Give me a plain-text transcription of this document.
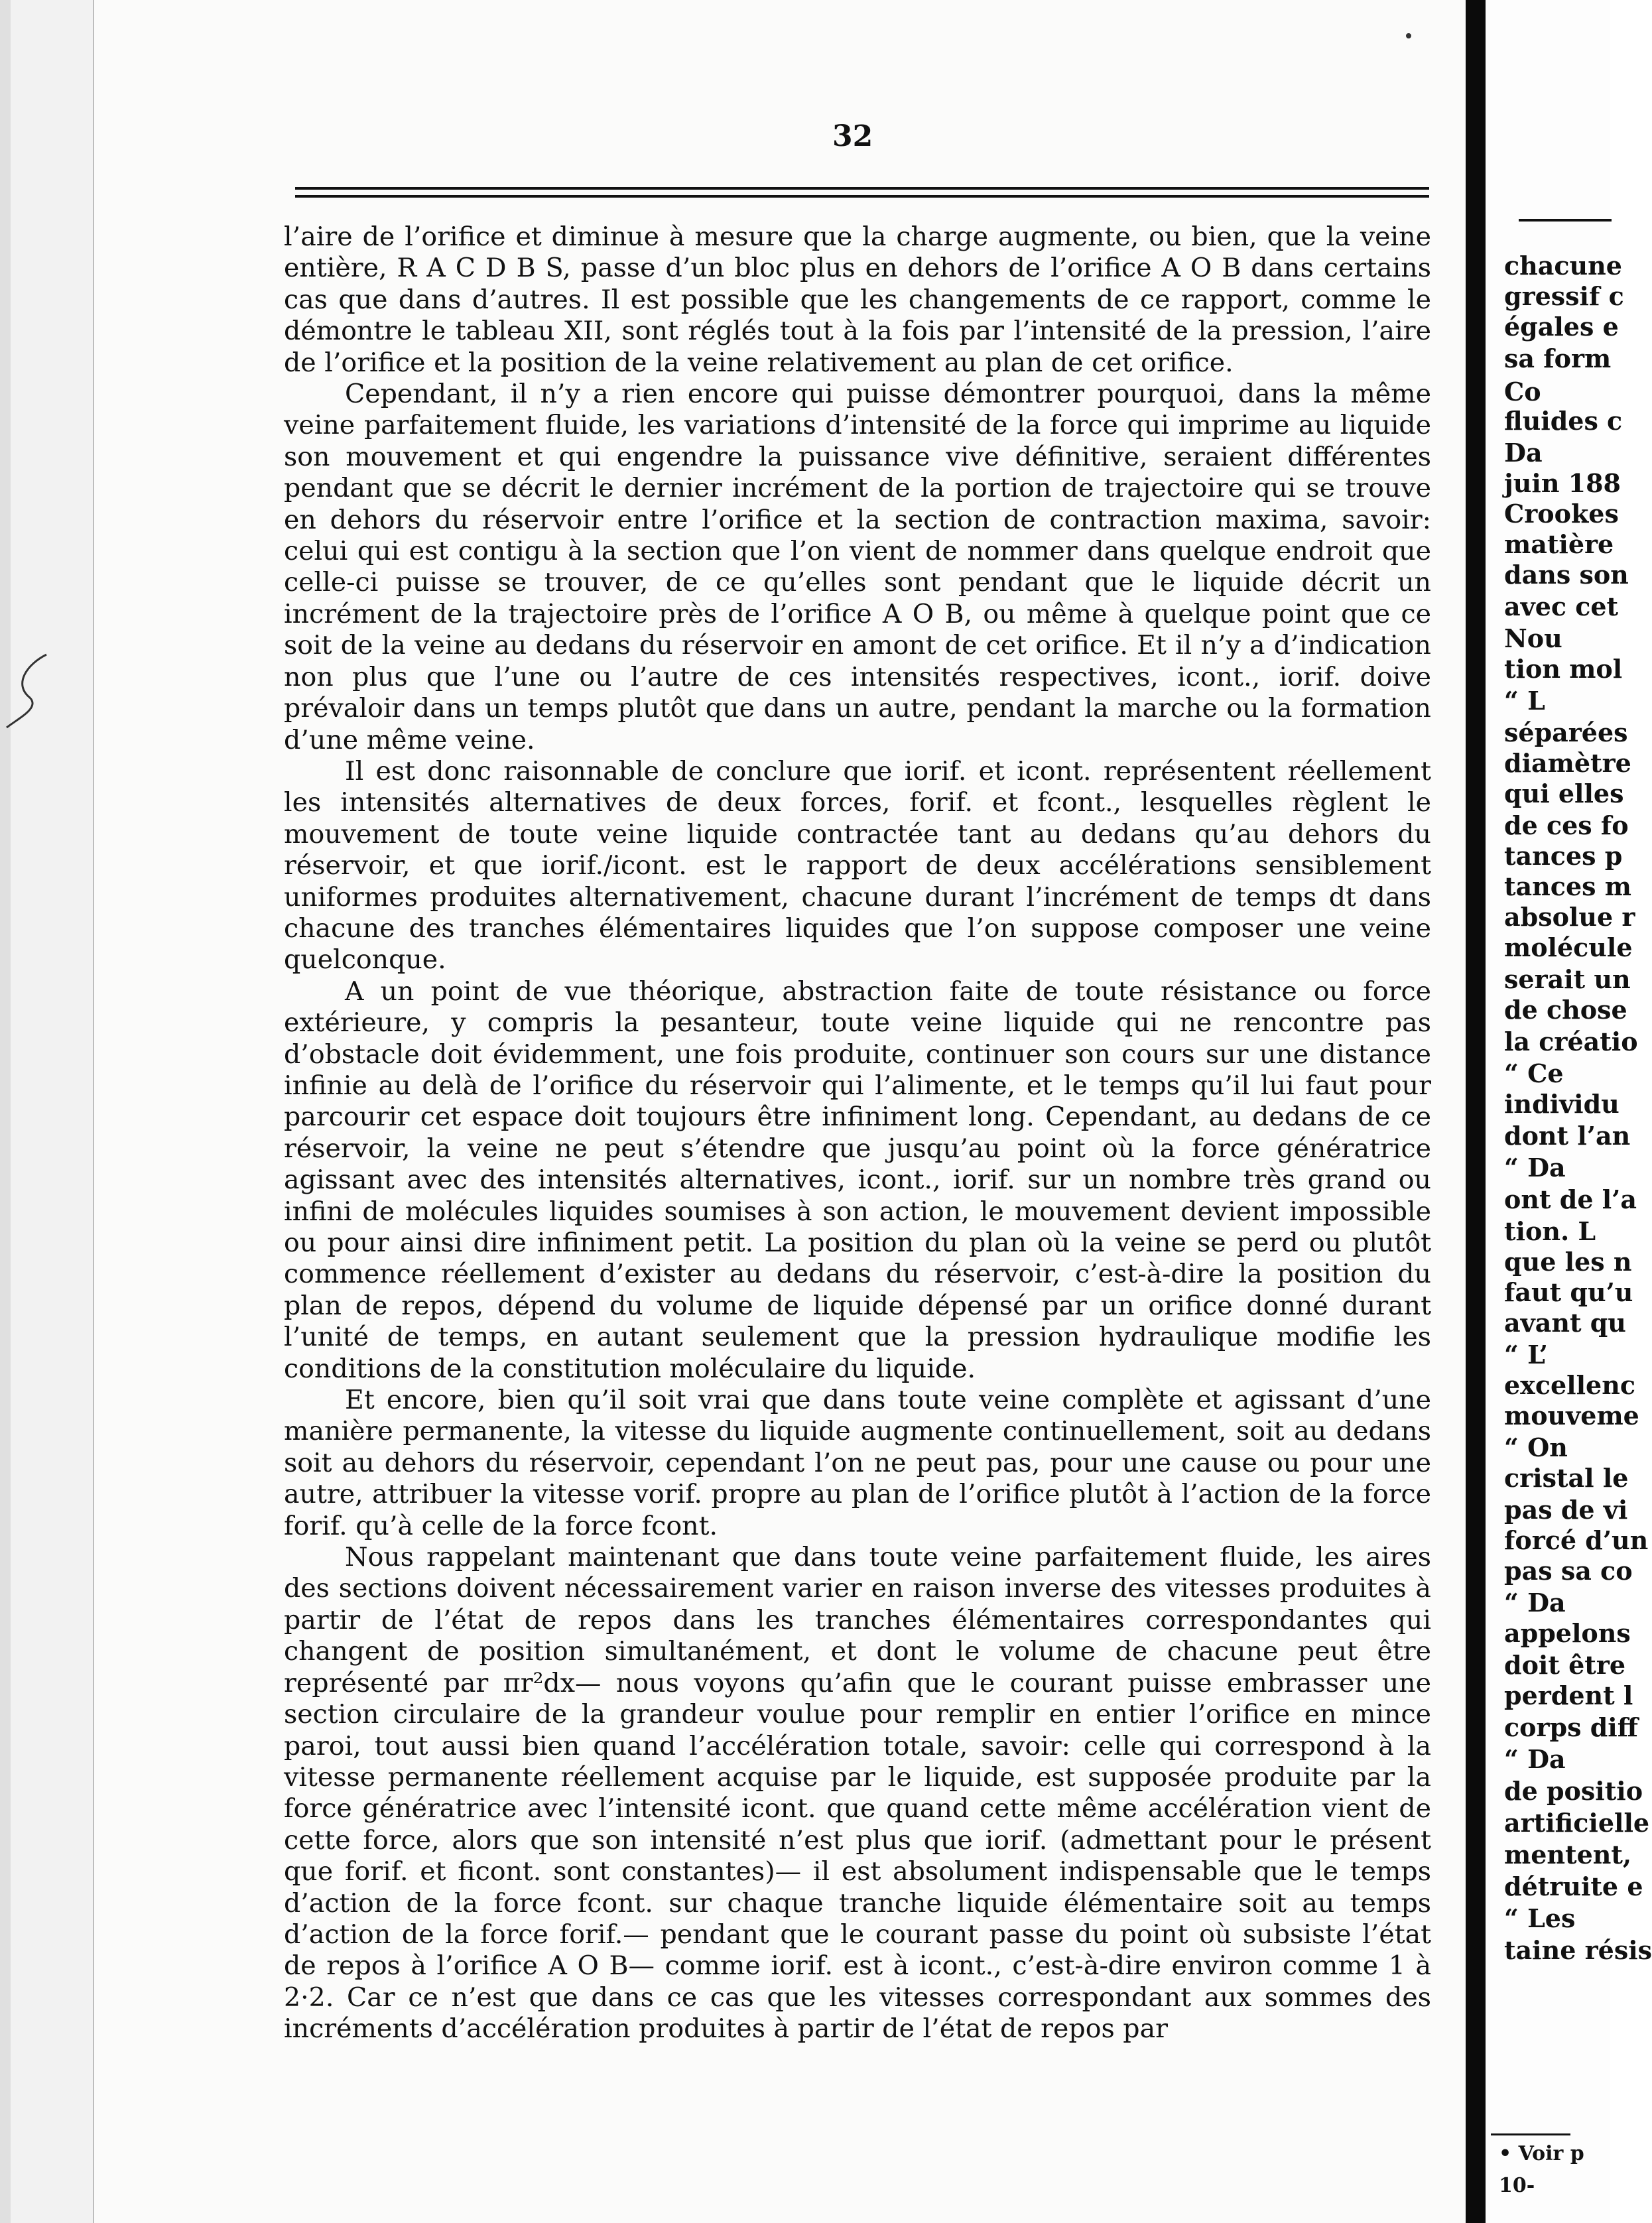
32

l’aire de l’orifice et diminue à mesure que la charge augmente, ou bien, que la veine entière, R A C D B S, passe d’un bloc plus en dehors de l’orifice A O B dans certains cas que dans d’autres. Il est possible que les changements de ce rapport, comme le démontre le tableau XII, sont réglés tout à la fois par l’intensité de la pression, l’aire de l’orifice et la position de la veine relativement au plan de cet orifice.

Cependant, il n’y a rien encore qui puisse démontrer pourquoi, dans la même veine parfaitement fluide, les variations d’intensité de la force qui imprime au liquide son mouvement et qui engendre la puissance vive définitive, seraient différentes pendant que se décrit le dernier incrément de la portion de trajectoire qui se trouve en dehors du réservoir entre l’orifice et la section de contraction maxima, savoir: celui qui est contigu à la section que l’on vient de nommer dans quelque endroit que celle-ci puisse se trouver, de ce qu’elles sont pendant que le liquide décrit un incrément de la trajectoire près de l’orifice A O B, ou même à quelque point que ce soit de la veine au dedans du réservoir en amont de cet orifice. Et il n’y a d’indication non plus que l’une ou l’autre de ces intensités respectives, icont., iorif. doive prévaloir dans un temps plutôt que dans un autre, pendant la marche ou la formation d’une même veine.

Il est donc raisonnable de conclure que iorif. et icont. représentent réellement les intensités alternatives de deux forces, forif. et fcont., lesquelles règlent le mouvement de toute veine liquide contractée tant au dedans qu’au dehors du réservoir, et que iorif./icont. est le rapport de deux accélérations sensiblement uniformes produites alternativement, chacune durant l’incrément de temps dt dans chacune des tranches élémentaires liquides que l’on suppose composer une veine quelconque.

A un point de vue théorique, abstraction faite de toute résistance ou force extérieure, y compris la pesanteur, toute veine liquide qui ne rencontre pas d’obstacle doit évidemment, une fois produite, continuer son cours sur une distance infinie au delà de l’orifice du réservoir qui l’alimente, et le temps qu’il lui faut pour parcourir cet espace doit toujours être infiniment long. Cependant, au dedans de ce réservoir, la veine ne peut s’étendre que jusqu’au point où la force génératrice agissant avec des intensités alternatives, icont., iorif. sur un nombre très grand ou infini de molécules liquides soumises à son action, le mouvement devient impossible ou pour ainsi dire infiniment petit. La position du plan où la veine se perd ou plutôt commence réellement d’exister au dedans du réservoir, c’est-à-dire la position du plan de repos, dépend du volume de liquide dépensé par un orifice donné durant l’unité de temps, en autant seulement que la pression hydraulique modifie les conditions de la constitution moléculaire du liquide.

Et encore, bien qu’il soit vrai que dans toute veine complète et agissant d’une manière permanente, la vitesse du liquide augmente continuellement, soit au dedans soit au dehors du réservoir, cependant l’on ne peut pas, pour une cause ou pour une autre, attribuer la vitesse vorif. propre au plan de l’orifice plutôt à l’action de la force forif. qu’à celle de la force fcont.

Nous rappelant maintenant que dans toute veine parfaitement fluide, les aires des sections doivent nécessairement varier en raison inverse des vitesses produites à partir de l’état de repos dans les tranches élémentaires correspondantes qui changent de position simultanément, et dont le volume de chacune peut être représenté par πr²dx— nous voyons qu’afin que le courant puisse embrasser une section circulaire de la grandeur voulue pour remplir en entier l’orifice en mince paroi, tout aussi bien quand l’accélération totale, savoir: celle qui correspond à la vitesse permanente réellement acquise par le liquide, est supposée produite par la force génératrice avec l’intensité icont. que quand cette même accélération vient de cette force, alors que son intensité n’est plus que iorif. (admettant pour le présent que forif. et ficont. sont constantes)— il est absolument indispensable que le temps d’action de la force fcont. sur chaque tranche liquide élémentaire soit au temps d’action de la force forif.— pendant que le courant passe du point où subsiste l’état de repos à l’orifice A O B— comme iorif. est à icont., c’est-à-dire environ comme 1 à 2·2. Car ce n’est que dans ce cas que les vitesses correspondant aux sommes des incréments d’accélération produites à partir de l’état de repos par

chacune
gressif c
égales e
sa form
Co
fluides c
Da
juin 188
Crookes
matière
dans son
avec cet
Nou
tion mol
“ L
séparées
diamètre
qui elles
de ces fo
tances p
tances m
absolue r
molécule
serait un
de chose
la créatio
“ Ce
individu
dont l’an
“ Da
ont de l’a
tion. L
que les n
faut qu’u
avant qu
“ L’
excellenc
mouveme
“ On
cristal le
pas de vi
forcé d’un
pas sa co
“ Da
appelons
doit être
perdent l
corps diff
“ Da
de positio
artificielle
mentent,
détruite e
“ Les
taine résis
• Voir p
10-
